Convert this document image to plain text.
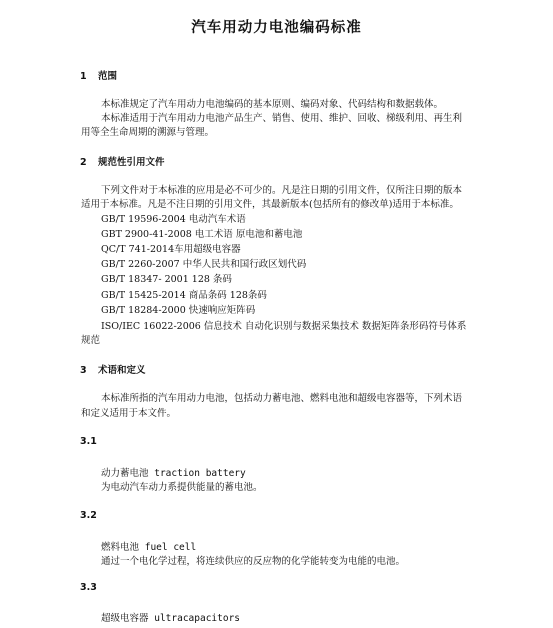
汽车用动力电池编码标准
1 范围
本标准规定了汽车用动力电池编码的基本原则、编码对象、代码结构和数据载体。
本标准适用于汽车用动力电池产品生产、销售、使用、维护、回收、梯级利用、再生利
用等全生命周期的溯源与管理。
2 规范性引用文件
下列文件对于本标准的应用是必不可少的。凡是注日期的引用文件，仅所注日期的版本
适用于本标准。凡是不注日期的引用文件，其最新版本(包括所有的修改单)适用于本标准。
GB/T 19596-2004 电动汽车术语
GBT 2900-41-2008 电工术语 原电池和蓄电池
QC/T 741-2014车用超级电容器
GB/T 2260-2007 中华人民共和国行政区划代码
GB/T 18347- 2001 128 条码
GB/T 15425-2014 商品条码 128条码
GB/T 18284-2000 快速响应矩阵码
ISO/IEC 16022-2006 信息技术 自动化识别与数据采集技术 数据矩阵条形码符号体系
规范
3 术语和定义
本标准所指的汽车用动力电池，包括动力蓄电池、燃料电池和超级电容器等，下列术语
和定义适用于本文件。
3.1
动力蓄电池 traction battery
为电动汽车动力系提供能量的蓄电池。
3.2
燃料电池 fuel cell
通过一个电化学过程，将连续供应的反应物的化学能转变为电能的电池。
3.3
超级电容器 ultracapacitors
